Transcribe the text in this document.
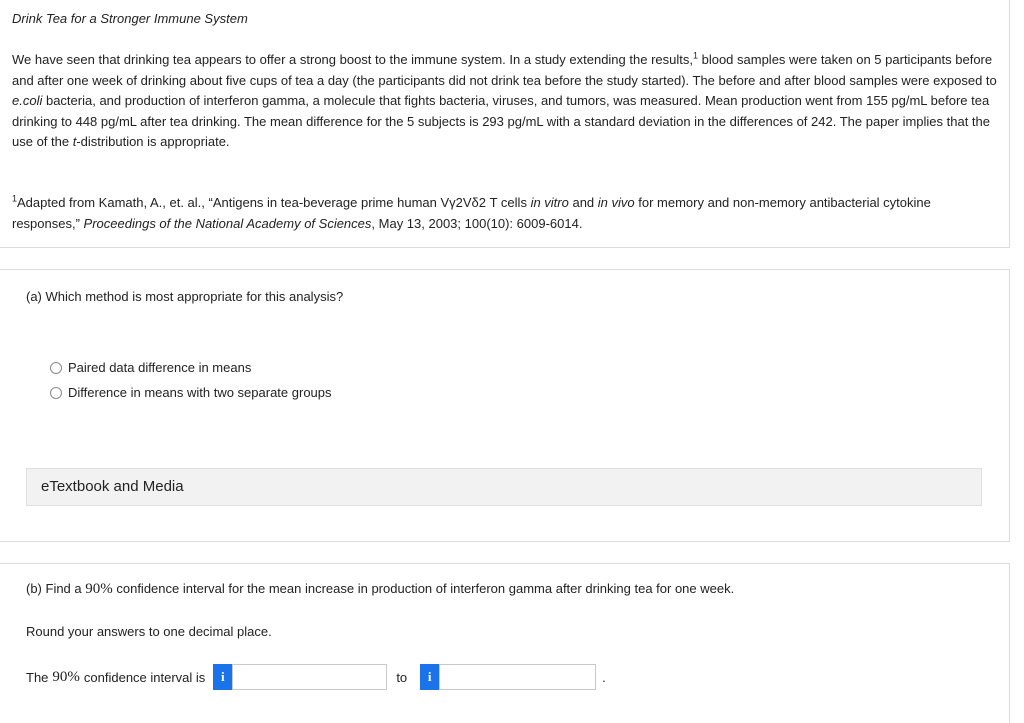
Drink Tea for a Stronger Immune System
We have seen that drinking tea appears to offer a strong boost to the immune system. In a study extending the results,$^1$ blood samples were taken on 5 participants before and after one week of drinking about five cups of tea a day (the participants did not drink tea before the study started). The before and after blood samples were exposed to e.coli bacteria, and production of interferon gamma, a molecule that fights bacteria, viruses, and tumors, was measured. Mean production went from 155 pg/mL before tea drinking to 448 pg/mL after tea drinking. The mean difference for the 5 subjects is 293 pg/mL with a standard deviation in the differences of 242. The paper implies that the use of the t-distribution is appropriate.
$^1$Adapted from Kamath, A., et. al., “Antigens in tea-beverage prime human Vγ2Vδ2 T cells in vitro and in vivo for memory and non-memory antibacterial cytokine responses,” Proceedings of the National Academy of Sciences, May 13, 2003; 100(10): 6009-6014.
(a) Which method is most appropriate for this analysis?
Paired data difference in means
Difference in means with two separate groups
eTextbook and Media
(b) Find a 90% confidence interval for the mean increase in production of interferon gamma after drinking tea for one week.
Round your answers to one decimal place.
The 90% confidence interval is	i	to	i	.
